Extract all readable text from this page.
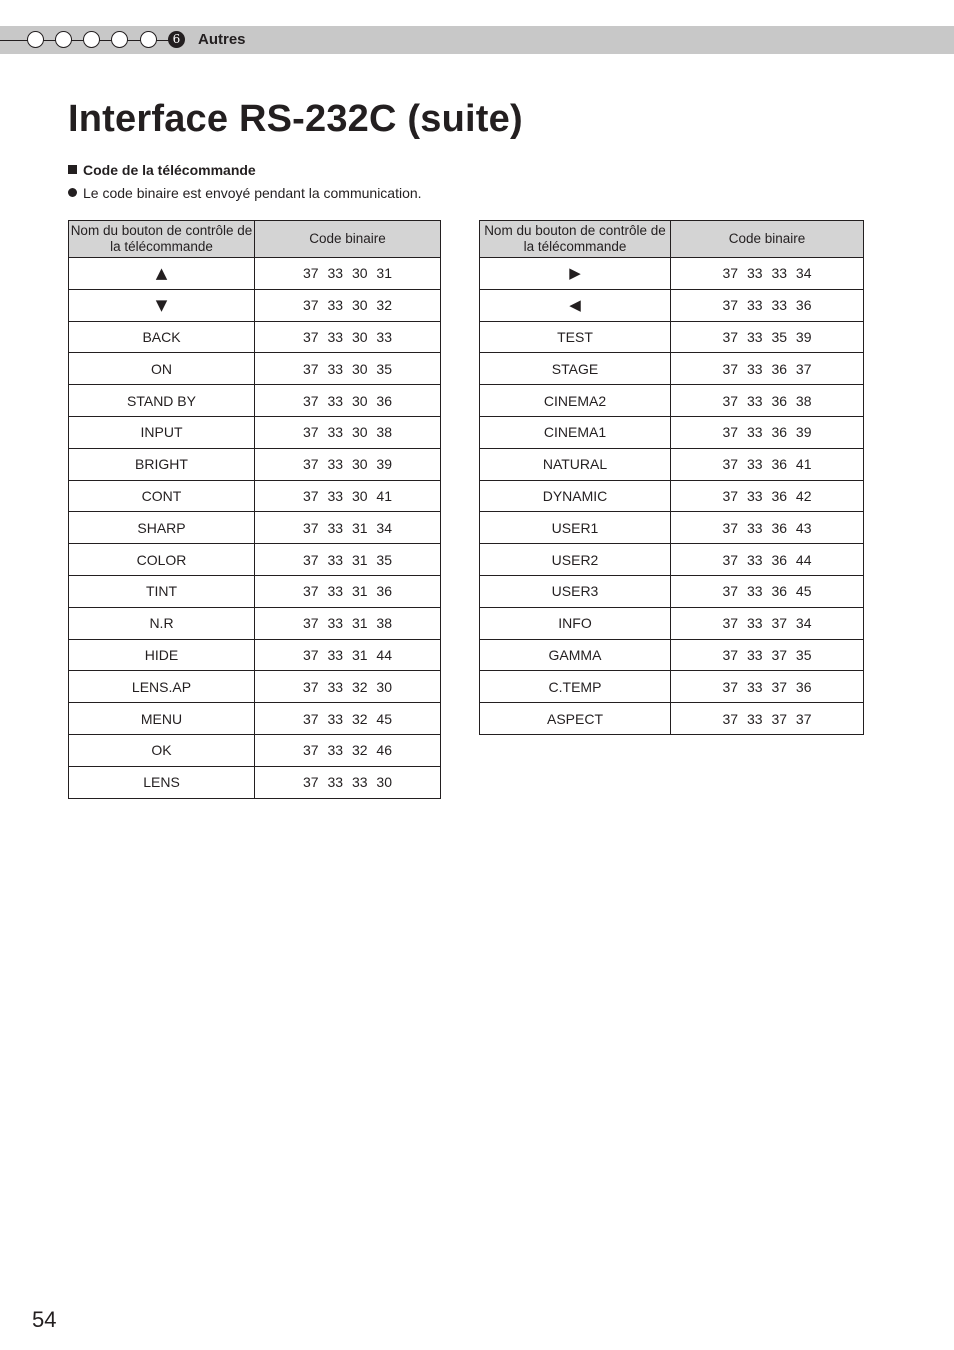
6	Autres
Interface RS-232C (suite)
Code de la télécommande
Le code binaire est envoyé pendant la communication.
Nom du bouton de contrôle de la télécommande	Code binaire
▲	37 33 30 31
▼	37 33 30 32
BACK	37 33 30 33
ON	37 33 30 35
STAND BY	37 33 30 36
INPUT	37 33 30 38
BRIGHT	37 33 30 39
CONT	37 33 30 41
SHARP	37 33 31 34
COLOR	37 33 31 35
TINT	37 33 31 36
N.R	37 33 31 38
HIDE	37 33 31 44
LENS.AP	37 33 32 30
MENU	37 33 32 45
OK	37 33 32 46
LENS	37 33 33 30
Nom du bouton de contrôle de la télécommande	Code binaire
▶	37 33 33 34
◀	37 33 33 36
TEST	37 33 35 39
STAGE	37 33 36 37
CINEMA2	37 33 36 38
CINEMA1	37 33 36 39
NATURAL	37 33 36 41
DYNAMIC	37 33 36 42
USER1	37 33 36 43
USER2	37 33 36 44
USER3	37 33 36 45
INFO	37 33 37 34
GAMMA	37 33 37 35
C.TEMP	37 33 37 36
ASPECT	37 33 37 37
54
